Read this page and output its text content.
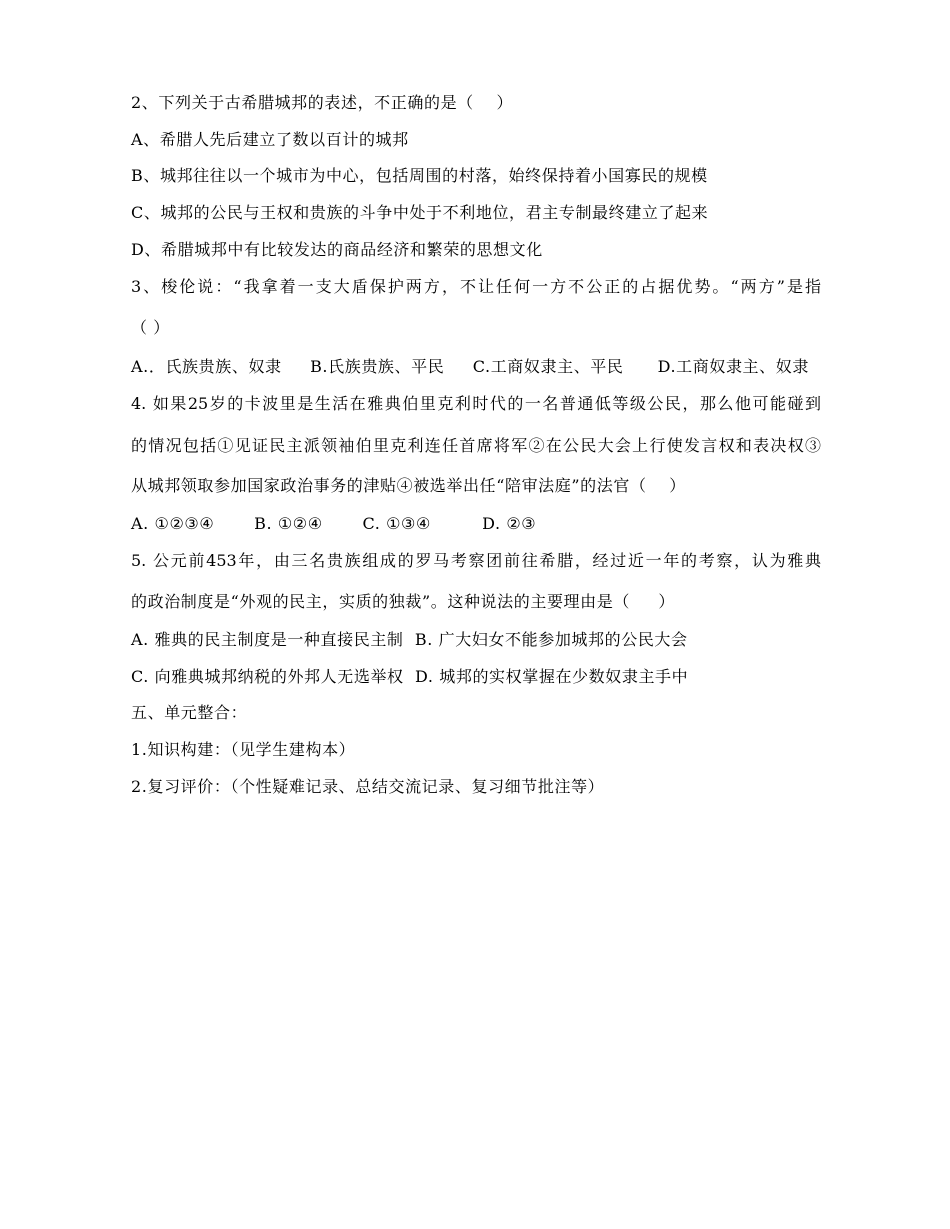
2、下列关于古希腊城邦的表述，不正确的是（    ）
A、希腊人先后建立了数以百计的城邦
B、城邦往往以一个城市为中心，包括周围的村落，始终保持着小国寡民的规模
C、城邦的公民与王权和贵族的斗争中处于不利地位，君主专制最终建立了起来
D、希腊城邦中有比较发达的商品经济和繁荣的思想文化
3、梭伦说：“我拿着一支大盾保护两方，不让任何一方不公正的占据优势。“两方”是指
（ ）
A.．氏族贵族、奴隶     B.氏族贵族、平民     C.工商奴隶主、平民      D.工商奴隶主、奴隶
4. 如果25岁的卡波里是生活在雅典伯里克利时代的一名普通低等级公民，那么他可能碰到
的情况包括①见证民主派领袖伯里克利连任首席将军②在公民大会上行使发言权和表决权③
从城邦领取参加国家政治事务的津贴④被选举出任“陪审法庭”的法官（    ）
A. ①②③④       B. ①②④       C. ①③④         D. ②③
5. 公元前453年，由三名贵族组成的罗马考察团前往希腊，经过近一年的考察，认为雅典
的政治制度是“外观的民主，实质的独裁”。这种说法的主要理由是（     ）
A. 雅典的民主制度是一种直接民主制  B. 广大妇女不能参加城邦的公民大会
C. 向雅典城邦纳税的外邦人无选举权  D. 城邦的实权掌握在少数奴隶主手中
五、单元整合：
1.知识构建：（见学生建构本）
2.复习评价：（个性疑难记录、总结交流记录、复习细节批注等）
